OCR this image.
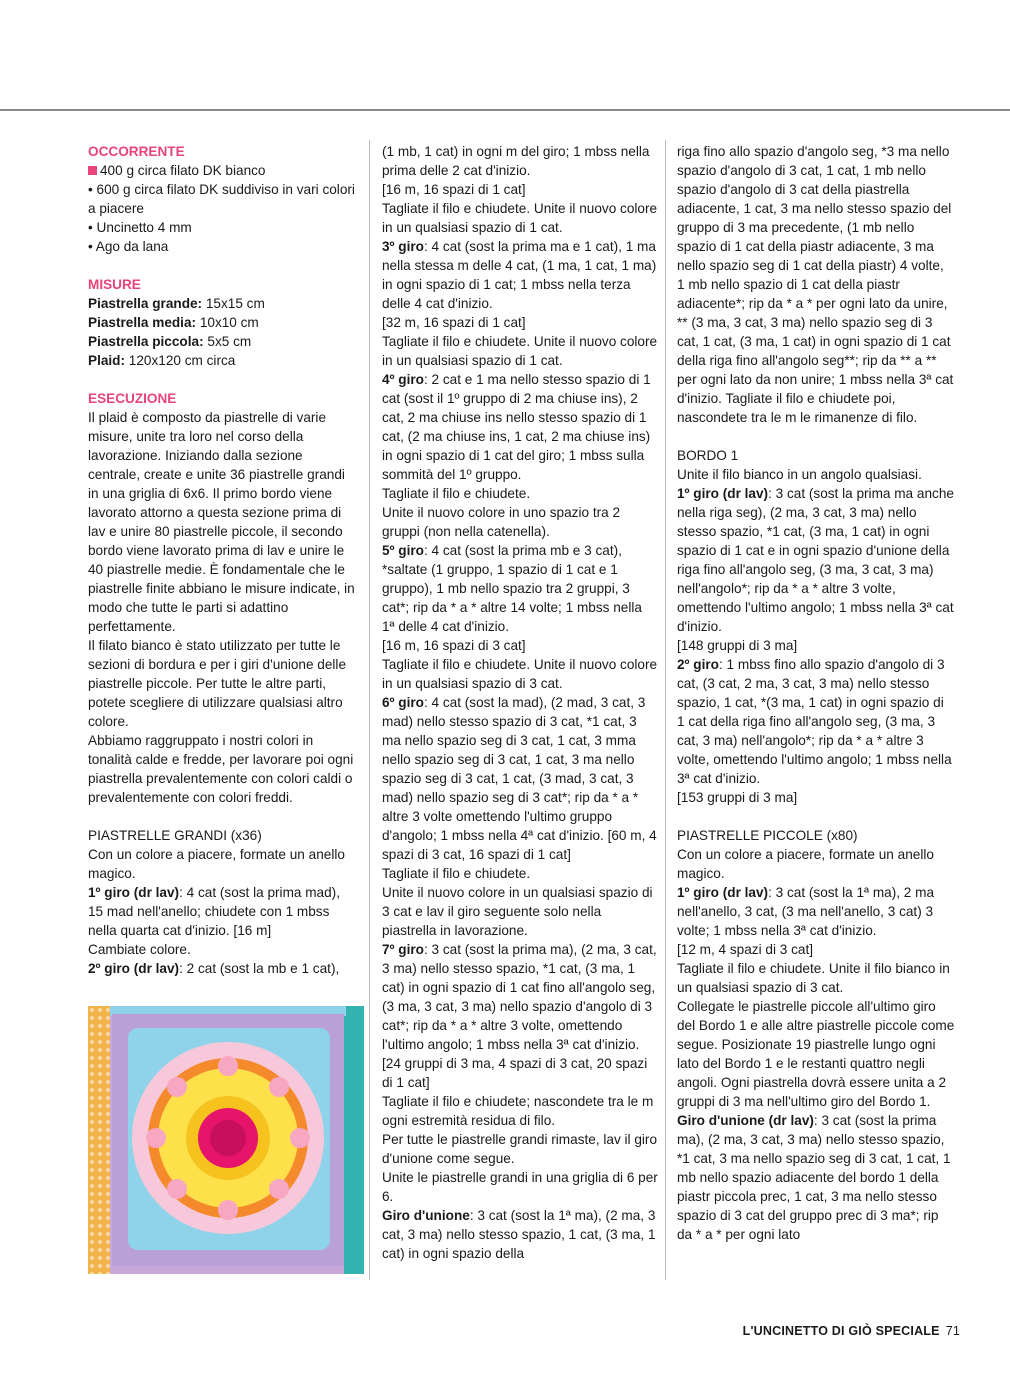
OCCORRENTE

400 g circa filato DK bianco

• 600 g circa filato DK suddiviso in vari colori a piacere

• Uncinetto 4 mm

• Ago da lana

MISURE

Piastrella grande: 15x15 cm

Piastrella media: 10x10 cm

Piastrella piccola: 5x5 cm

Plaid: 120x120 cm circa

ESECUZIONE

Il plaid è composto da piastrelle di varie misure, unite tra loro nel corso della lavorazione. Iniziando dalla sezione centrale, create e unite 36 piastrelle grandi in una griglia di 6x6. Il primo bordo viene lavorato attorno a questa sezione prima di lav e unire 80 piastrelle piccole, il secondo bordo viene lavorato prima di lav e unire le 40 piastrelle medie. È fondamentale che le piastrelle finite abbiano le misure indicate, in modo che tutte le parti si adattino perfettamente.

Il filato bianco è stato utilizzato per tutte le sezioni di bordura e per i giri d'unione delle piastrelle piccole. Per tutte le altre parti, potete scegliere di utilizzare qualsiasi altro colore.

Abbiamo raggruppato i nostri colori in tonalità calde e fredde, per lavorare poi ogni piastrella prevalentemente con colori caldi o prevalentemente con colori freddi.

PIASTRELLE GRANDI (x36)

Con un colore a piacere, formate un anello magico.

1º giro (dr lav): 4 cat (sost la prima mad), 15 mad nell'anello; chiudete con 1 mbss nella quarta cat d'inizio. [16 m]

Cambiate colore.

2º giro (dr lav): 2 cat (sost la mb e 1 cat),

(1 mb, 1 cat) in ogni m del giro; 1 mbss nella prima delle 2 cat d'inizio.

[16 m, 16 spazi di 1 cat]

Tagliate il filo e chiudete. Unite il nuovo colore in un qualsiasi spazio di 1 cat.

3º giro: 4 cat (sost la prima ma e 1 cat), 1 ma nella stessa m delle 4 cat, (1 ma, 1 cat, 1 ma) in ogni spazio di 1 cat; 1 mbss nella terza delle 4 cat d'inizio.

[32 m, 16 spazi di 1 cat]

Tagliate il filo e chiudete. Unite il nuovo colore in un qualsiasi spazio di 1 cat.

4º giro: 2 cat e 1 ma nello stesso spazio di 1 cat (sost il 1º gruppo di 2 ma chiuse ins), 2 cat, 2 ma chiuse ins nello stesso spazio di 1 cat, (2 ma chiuse ins, 1 cat, 2 ma chiuse ins) in ogni spazio di 1 cat del giro; 1 mbss sulla sommità del 1º gruppo.

Tagliate il filo e chiudete.

Unite il nuovo colore in uno spazio tra 2 gruppi (non nella catenella).

5º giro: 4 cat (sost la prima mb e 3 cat), *saltate (1 gruppo, 1 spazio di 1 cat e 1 gruppo), 1 mb nello spazio tra 2 gruppi, 3 cat*; rip da * a * altre 14 volte; 1 mbss nella 1ª delle 4 cat d'inizio.

[16 m, 16 spazi di 3 cat]

Tagliate il filo e chiudete. Unite il nuovo colore in un qualsiasi spazio di 3 cat.

6º giro: 4 cat (sost la mad), (2 mad, 3 cat, 3 mad) nello stesso spazio di 3 cat, *1 cat, 3 ma nello spazio seg di 3 cat, 1 cat, 3 mma nello spazio seg di 3 cat, 1 cat, 3 ma nello spazio seg di 3 cat, 1 cat, (3 mad, 3 cat, 3 mad) nello spazio seg di 3 cat*; rip da * a * altre 3 volte omettendo l'ultimo gruppo d'angolo; 1 mbss nella 4ª cat d'inizio. [60 m, 4 spazi di 3 cat, 16 spazi di 1 cat]

Tagliate il filo e chiudete.

Unite il nuovo colore in un qualsiasi spazio di 3 cat e lav il giro seguente solo nella piastrella in lavorazione.

7º giro: 3 cat (sost la prima ma), (2 ma, 3 cat, 3 ma) nello stesso spazio, *1 cat, (3 ma, 1 cat) in ogni spazio di 1 cat fino all'angolo seg, (3 ma, 3 cat, 3 ma) nello spazio d'angolo di 3 cat*; rip da * a * altre 3 volte, omettendo l'ultimo angolo; 1 mbss nella 3ª cat d'inizio. [24 gruppi di 3 ma, 4 spazi di 3 cat, 20 spazi di 1 cat]

Tagliate il filo e chiudete; nascondete tra le m ogni estremità residua di filo.

Per tutte le piastrelle grandi rimaste, lav il giro d'unione come segue.

Unite le piastrelle grandi in una griglia di 6 per 6.

Giro d'unione: 3 cat (sost la 1ª ma), (2 ma, 3 cat, 3 ma) nello stesso spazio, 1 cat, (3 ma, 1 cat) in ogni spazio della

riga fino allo spazio d'angolo seg, *3 ma nello spazio d'angolo di 3 cat, 1 cat, 1 mb nello spazio d'angolo di 3 cat della piastrella adiacente, 1 cat, 3 ma nello stesso spazio del gruppo di 3 ma precedente, (1 mb nello spazio di 1 cat della piastr adiacente, 3 ma nello spazio seg di 1 cat della piastr) 4 volte, 1 mb nello spazio di 1 cat della piastr adiacente*; rip da * a * per ogni lato da unire, ** (3 ma, 3 cat, 3 ma) nello spazio seg di 3 cat, 1 cat, (3 ma, 1 cat) in ogni spazio di 1 cat della riga fino all'angolo seg**; rip da ** a ** per ogni lato da non unire; 1 mbss nella 3ª cat d'inizio. Tagliate il filo e chiudete poi, nascondete tra le m le rimanenze di filo.

BORDO 1

Unite il filo bianco in un angolo qualsiasi.

1º giro (dr lav): 3 cat (sost la prima ma anche nella riga seg), (2 ma, 3 cat, 3 ma) nello stesso spazio, *1 cat, (3 ma, 1 cat) in ogni spazio di 1 cat e in ogni spazio d'unione della riga fino all'angolo seg, (3 ma, 3 cat, 3 ma) nell'angolo*; rip da * a * altre 3 volte, omettendo l'ultimo angolo; 1 mbss nella 3ª cat d'inizio.

[148 gruppi di 3 ma]

2º giro: 1 mbss fino allo spazio d'angolo di 3 cat, (3 cat, 2 ma, 3 cat, 3 ma) nello stesso spazio, 1 cat, *(3 ma, 1 cat) in ogni spazio di 1 cat della riga fino all'angolo seg, (3 ma, 3 cat, 3 ma) nell'angolo*; rip da * a * altre 3 volte, omettendo l'ultimo angolo; 1 mbss nella 3ª cat d'inizio.

[153 gruppi di 3 ma]

PIASTRELLE PICCOLE (x80)

Con un colore a piacere, formate un anello magico.

1º giro (dr lav): 3 cat (sost la 1ª ma), 2 ma nell'anello, 3 cat, (3 ma nell'anello, 3 cat) 3 volte; 1 mbss nella 3ª cat d'inizio.

[12 m, 4 spazi di 3 cat]

Tagliate il filo e chiudete. Unite il filo bianco in un qualsiasi spazio di 3 cat.

Collegate le piastrelle piccole all'ultimo giro del Bordo 1 e alle altre piastrelle piccole come segue. Posizionate 19 piastrelle lungo ogni lato del Bordo 1 e le restanti quattro negli angoli. Ogni piastrella dovrà essere unita a 2 gruppi di 3 ma nell'ultimo giro del Bordo 1.

Giro d'unione (dr lav): 3 cat (sost la prima ma), (2 ma, 3 cat, 3 ma) nello stesso spazio, *1 cat, 3 ma nello spazio seg di 3 cat, 1 cat, 1 mb nello spazio adiacente del bordo 1 della piastr piccola prec, 1 cat, 3 ma nello stesso spazio di 3 cat del gruppo prec di 3 ma*; rip da * a * per ogni lato

L'UNCINETTO DI GIÒ SPECIALE 71
